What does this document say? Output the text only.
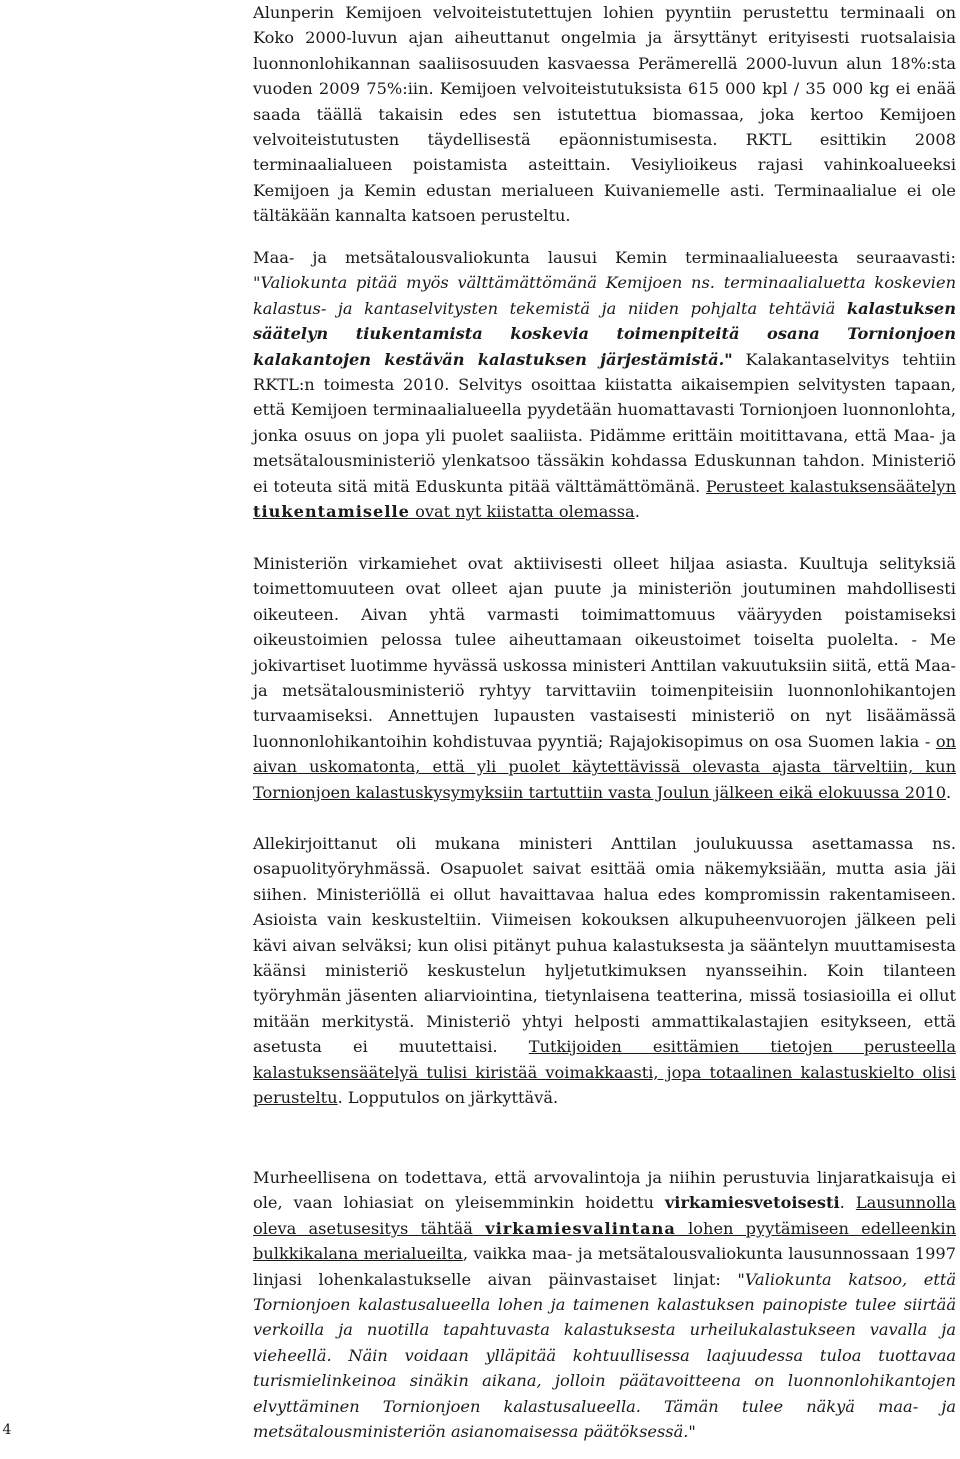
Alunperin Kemijoen velvoiteistutettujen lohien pyyntiin perustettu terminaali on Koko 2000-luvun ajan aiheuttanut ongelmia ja ärsyttänyt erityisesti ruotsalaisia luonnonlohikannan saaliisosuuden kasvaessa Perämerellä 2000-luvun alun 18%:sta vuoden 2009 75%:iin. Kemijoen velvoiteistutuksista 615 000 kpl / 35 000 kg ei enää saada täällä takaisin edes sen istutettua biomassaa, joka kertoo Kemijoen velvoiteistutusten täydellisestä epäonnistumisesta. RKTL esittikin 2008 terminaalialueen poistamista asteittain. Vesiylioikeus rajasi vahinkoalueeksi Kemijoen ja Kemin edustan merialueen Kuivaniemelle asti. Terminaalialue ei ole tältäkään kannalta katsoen perusteltu.

Maa- ja metsätalousvaliokunta lausui Kemin terminaalialueesta seuraavasti: "Valiokunta pitää myös välttämättömänä Kemijoen ns. terminaalialuetta koskevien kalastus- ja kantaselvitysten tekemistä ja niiden pohjalta tehtäviä kalastuksen säätelyn tiukentamista koskevia toimenpiteitä osana Tornionjoen kalakantojen kestävän kalastuksen järjestämistä." Kalakantaselvitys tehtiin RKTL:n toimesta 2010. Selvitys osoittaa kiistatta aikaisempien selvitysten tapaan, että Kemijoen terminaalialueella pyydetään huomattavasti Tornionjoen luonnonlohta, jonka osuus on jopa yli puolet saaliista. Pidämme erittäin moitittavana, että Maa- ja metsätalousministeriö ylenkatsoo tässäkin kohdassa Eduskunnan tahdon. Ministeriö ei toteuta sitä mitä Eduskunta pitää välttämättömänä. Perusteet kalastuksensäätelyn tiukentamiselle ovat nyt kiistatta olemassa.

Ministeriön virkamiehet ovat aktiivisesti olleet hiljaa asiasta. Kuultuja selityksiä toimettomuuteen ovat olleet ajan puute ja ministeriön joutuminen mahdollisesti oikeuteen. Aivan yhtä varmasti toimimattomuus vääryyden poistamiseksi oikeustoimien pelossa tulee aiheuttamaan oikeustoimet toiselta puolelta. - Me jokivartiset luotimme hyvässä uskossa ministeri Anttilan vakuutuksiin siitä, että Maa- ja metsätalousministeriö ryhtyy tarvittaviin toimenpiteisiin luonnonlohikantojen turvaamiseksi. Annettujen lupausten vastaisesti ministeriö on nyt lisäämässä luonnonlohikantoihin kohdistuvaa pyyntiä; Rajajokisopimus on osa Suomen lakia - on aivan uskomatonta, että yli puolet käytettävissä olevasta ajasta tärveltiin, kun Tornionjoen kalastuskysymyksiin tartuttiin vasta Joulun jälkeen eikä elokuussa 2010.

Allekirjoittanut oli mukana ministeri Anttilan joulukuussa asettamassa ns. osapuolityöryhmässä. Osapuolet saivat esittää omia näkemyksiään, mutta asia jäi siihen. Ministeriöllä ei ollut havaittavaa halua edes kompromissin rakentamiseen. Asioista vain keskusteltiin. Viimeisen kokouksen alkupuheenvuorojen jälkeen peli kävi aivan selväksi; kun olisi pitänyt puhua kalastuksesta ja sääntelyn muuttamisesta käänsi ministeriö keskustelun hyljetutkimuksen nyansseihin. Koin tilanteen työryhmän jäsenten aliarviointina, tietynlaisena teatterina, missä tosiasioilla ei ollut mitään merkitystä. Ministeriö yhtyi helposti ammattikalastajien esitykseen, että asetusta ei muutettaisi. Tutkijoiden esittämien tietojen perusteella kalastuksensäätelyä tulisi kiristää voimakkaasti, jopa totaalinen kalastuskielto olisi perusteltu. Lopputulos on järkyttävä.

Murheellisena on todettava, että arvovalintoja ja niihin perustuvia linjaratkaisuja ei ole, vaan lohiasiat on yleisemminkin hoidettu virkamiesvetoisesti. Lausunnolla oleva asetusesitys tähtää virkamiesvalintana lohen pyytämiseen edelleenkin bulkkikalana merialueilta, vaikka maa- ja metsätalousvaliokunta lausunnossaan 1997 linjasi lohenkalastukselle aivan päinvastaiset linjat: "Valiokunta katsoo, että Tornionjoen kalastusalueella lohen ja taimenen kalastuksen painopiste tulee siirtää verkoilla ja nuotilla tapahtuvasta kalastuksesta urheilukalastukseen vavalla ja vieheellä. Näin voidaan ylläpitää kohtuullisessa laajuudessa tuloa tuottavaa turismielinkeinoa sinäkin aikana, jolloin päätavoitteena on luonnonlohikantojen elvyttäminen Tornionjoen kalastusalueella. Tämän tulee näkyä maa- ja metsätalousministeriön asianomaisessa päätöksessä."

4
